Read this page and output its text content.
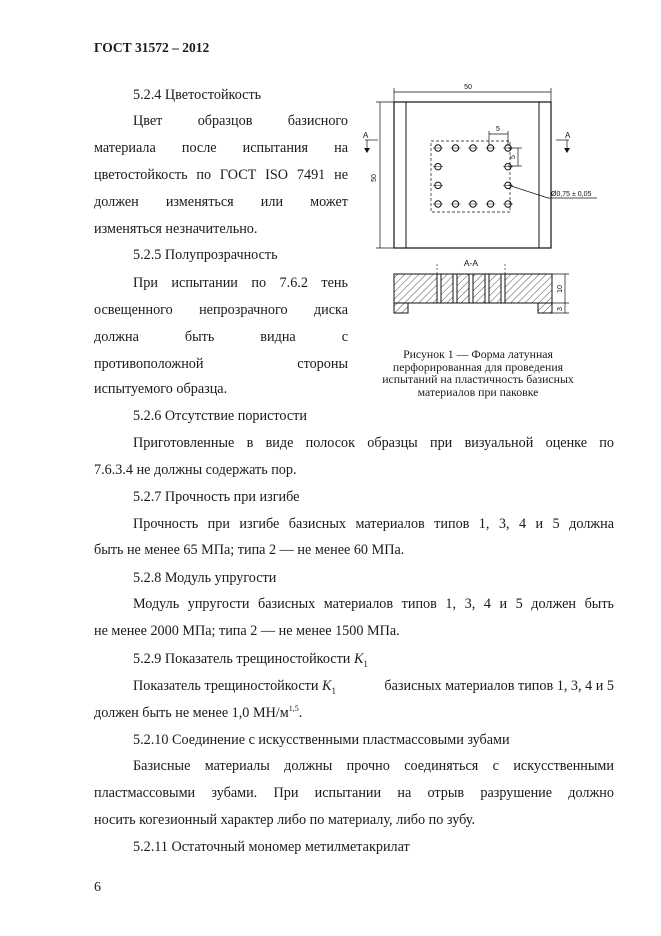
ГОСТ 31572 – 2012
50
50
5
5
Ø0,75 ± 0,05
A	A
A-A
10
3
Рисунок 1 — Форма латунная
перфорированная для проведения
испытаний на пластичность базисных
материалов при паковке
5.2.4 Цветостойкость
Цвет образцов базисного
материала после испытания на
цветостойкость по ГОСТ ISO 7491 не
должен изменяться или может
изменяться незначительно.
5.2.5 Полупрозрачность
При испытании по 7.6.2 тень
освещенного непрозрачного диска
должна быть видна с
противоположной стороны
испытуемого образца.
5.2.6 Отсутствие пористости
Приготовленные в виде полосок образцы при визуальной оценке по
7.6.3.4 не должны содержать пор.
5.2.7 Прочность при изгибе
Прочность при изгибе базисных материалов типов 1, 3, 4 и 5 должна
быть не менее 65 МПа; типа 2 — не менее 60 МПа.
5.2.8 Модуль упругости
Модуль упругости базисных материалов типов 1, 3, 4 и 5 должен быть
не менее 2000 МПа; типа 2 — не менее 1500 МПа.
5.2.9 Показатель трещиностойкости $K_1$
Показатель трещиностойкости $K_1$	базисных материалов типов 1, 3, 4 и 5
должен быть не менее 1,0 $МН/м^{1,5}$.
5.2.10 Соединение с искусственными пластмассовыми зубами
Базисные материалы должны прочно соединяться с искусственными
пластмассовыми зубами. При испытании на отрыв разрушение должно
носить когезионный характер либо по материалу, либо по зубу.
5.2.11 Остаточный мономер метилметакрилат
6
